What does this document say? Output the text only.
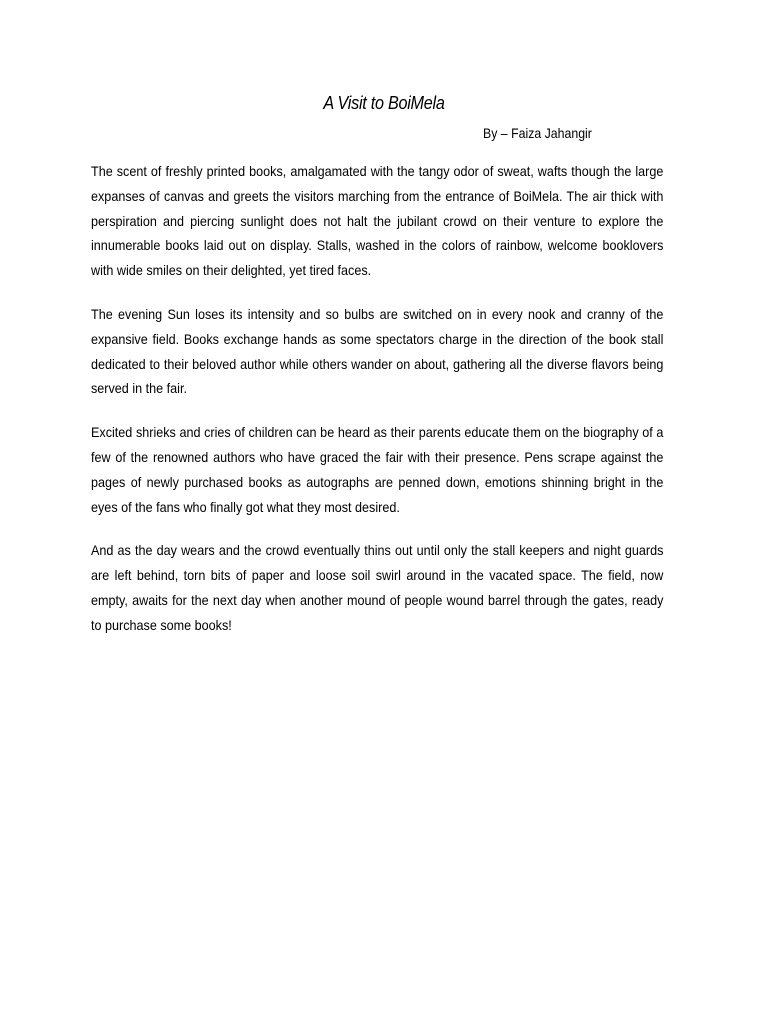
A Visit to BoiMela

By – Faiza Jahangir

The scent of freshly printed books, amalgamated with the tangy odor of sweat, wafts though the large expanses of canvas and greets the visitors marching from the entrance of BoiMela. The air thick with perspiration and piercing sunlight does not halt the jubilant crowd on their venture to explore the innumerable books laid out on display. Stalls, washed in the colors of rainbow, welcome booklovers with wide smiles on their delighted, yet tired faces.

The evening Sun loses its intensity and so bulbs are switched on in every nook and cranny of the expansive field. Books exchange hands as some spectators charge in the direction of the book stall dedicated to their beloved author while others wander on about, gathering all the diverse flavors being served in the fair.

Excited shrieks and cries of children can be heard as their parents educate them on the biography of a few of the renowned authors who have graced the fair with their presence. Pens scrape against the pages of newly purchased books as autographs are penned down, emotions shinning bright in the eyes of the fans who finally got what they most desired.

And as the day wears and the crowd eventually thins out until only the stall keepers and night guards are left behind, torn bits of paper and loose soil swirl around in the vacated space. The field, now empty, awaits for the next day when another mound of people wound barrel through the gates, ready to purchase some books!
